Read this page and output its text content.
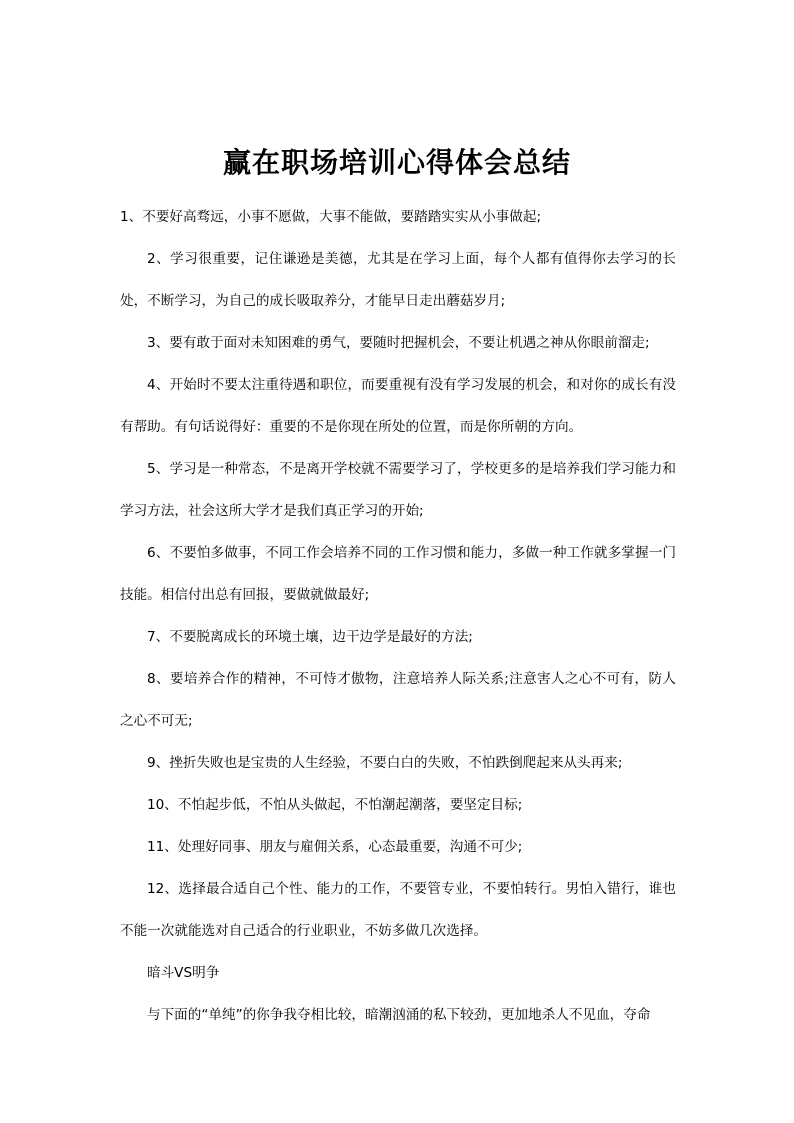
赢在职场培训心得体会总结

1、不要好高骛远，小事不愿做，大事不能做，要踏踏实实从小事做起;

2、学习很重要，记住谦逊是美德，尤其是在学习上面，每个人都有值得你去学习的长处，不断学习，为自己的成长吸取养分，才能早日走出蘑菇岁月;

3、要有敢于面对未知困难的勇气，要随时把握机会，不要让机遇之神从你眼前溜走;

4、开始时不要太注重待遇和职位，而要重视有没有学习发展的机会，和对你的成长有没有帮助。有句话说得好：重要的不是你现在所处的位置，而是你所朝的方向。

5、学习是一种常态，不是离开学校就不需要学习了，学校更多的是培养我们学习能力和学习方法，社会这所大学才是我们真正学习的开始;

6、不要怕多做事，不同工作会培养不同的工作习惯和能力，多做一种工作就多掌握一门技能。相信付出总有回报，要做就做最好;

7、不要脱离成长的环境土壤，边干边学是最好的方法;

8、要培养合作的精神，不可恃才傲物，注意培养人际关系;注意害人之心不可有，防人之心不可无;

9、挫折失败也是宝贵的人生经验，不要白白的失败，不怕跌倒爬起来从头再来;

10、不怕起步低，不怕从头做起，不怕潮起潮落，要坚定目标;

11、处理好同事、朋友与雇佣关系，心态最重要，沟通不可少;

12、选择最合适自己个性、能力的工作，不要管专业，不要怕转行。男怕入错行，谁也不能一次就能选对自己适合的行业职业，不妨多做几次选择。

暗斗VS明争

与下面的“单纯”的你争我夺相比较，暗潮汹涌的私下较劲，更加地杀人不见血，夺命
